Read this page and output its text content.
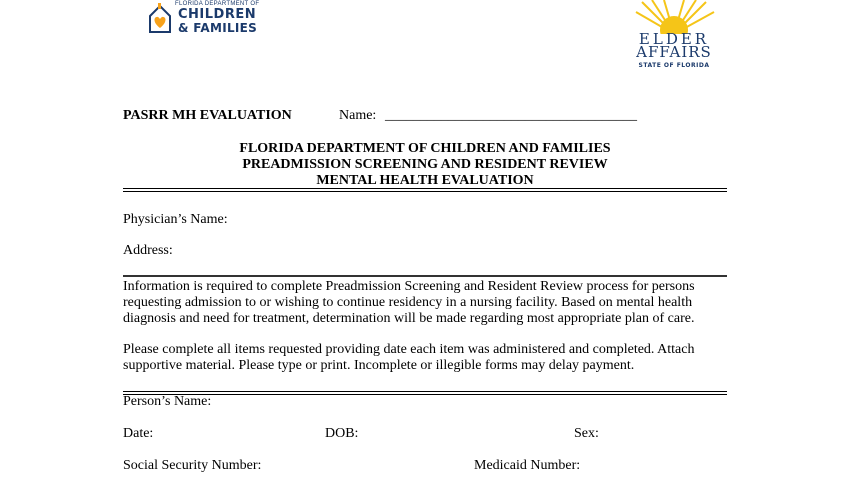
FLORIDA DEPARTMENT OF
CHILDREN
& FAMILIES
ELDER
AFFAIRS
STATE OF FLORIDA
PASRR MH EVALUATION	Name: ____________________________________
FLORIDA DEPARTMENT OF CHILDREN AND FAMILIES
PREADMISSION SCREENING AND RESIDENT REVIEW
MENTAL HEALTH EVALUATION
Physician’s Name:
Address:
Information is required to complete Preadmission Screening and Resident Review process for persons
requesting admission to or wishing to continue residency in a nursing facility. Based on mental health
diagnosis and need for treatment, determination will be made regarding most appropriate plan of care.
Please complete all items requested providing date each item was administered and completed. Attach
supportive material. Please type or print. Incomplete or illegible forms may delay payment.
Person’s Name:
Date:	DOB:	Sex:
Social Security Number:	Medicaid Number:
